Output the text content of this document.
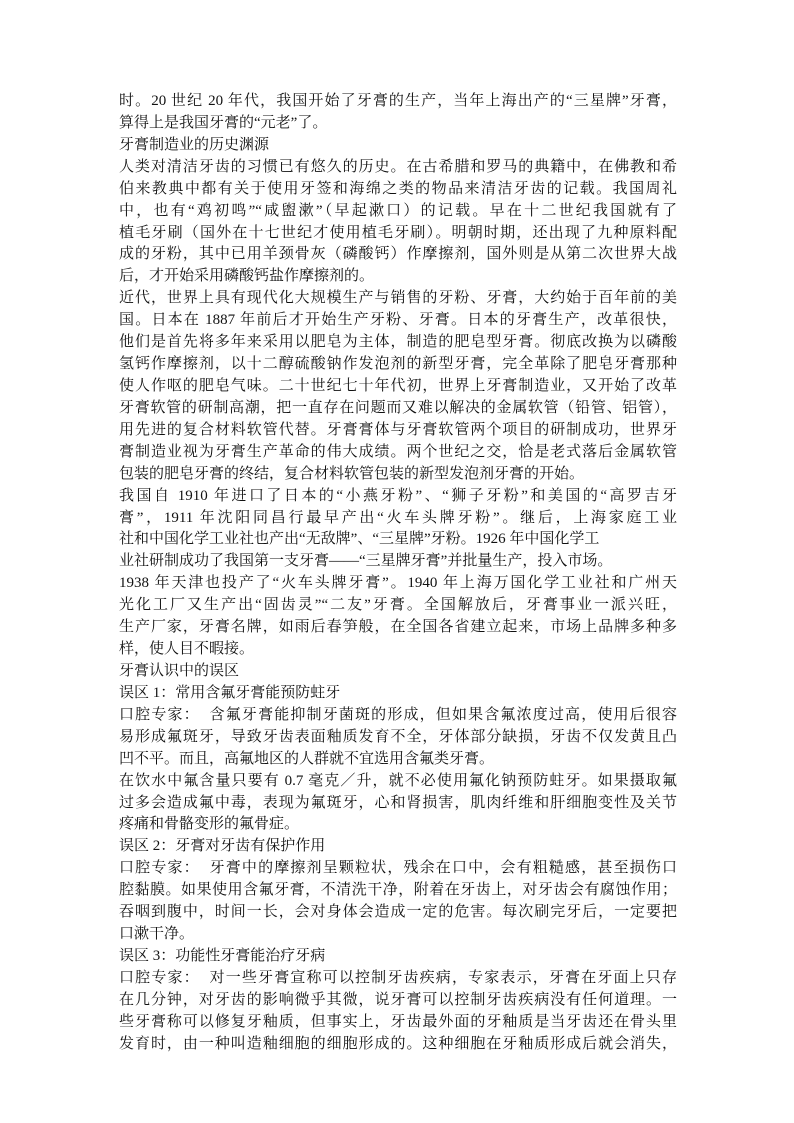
时。20 世纪 20 年代，我国开始了牙膏的生产，当年上海出产的“三星牌”牙膏，
算得上是我国牙膏的“元老”了。
牙膏制造业的历史渊源
人类对清洁牙齿的习惯已有悠久的历史。在古希腊和罗马的典籍中，在佛教和希
伯来教典中都有关于使用牙签和海绵之类的物品来清洁牙齿的记载。我国周礼
中，也有“鸡初鸣”“咸盥漱”（早起漱口）的记载。早在十二世纪我国就有了
植毛牙刷（国外在十七世纪才使用植毛牙刷）。明朝时期，还出现了九种原料配
成的牙粉，其中已用羊颈骨灰（磷酸钙）作摩擦剂，国外则是从第二次世界大战
后，才开始采用磷酸钙盐作摩擦剂的。
近代，世界上具有现代化大规模生产与销售的牙粉、牙膏，大约始于百年前的美
国。日本在 1887 年前后才开始生产牙粉、牙膏。日本的牙膏生产，改革很快，
他们是首先将多年来采用以肥皂为主体，制造的肥皂型牙膏。彻底改换为以磷酸
氢钙作摩擦剂，以十二醇硫酸钠作发泡剂的新型牙膏，完全革除了肥皂牙膏那种
使人作呕的肥皂气味。二十世纪七十年代初，世界上牙膏制造业，又开始了改革
牙膏软管的研制高潮，把一直存在问题而又难以解决的金属软管（铅管、铝管），
用先进的复合材料软管代替。牙膏膏体与牙膏软管两个项目的研制成功，世界牙
膏制造业视为牙膏生产革命的伟大成绩。两个世纪之交，恰是老式落后金属软管
包装的肥皂牙膏的终结，复合材料软管包装的新型发泡剂牙膏的开始。
我国自 1910 年进口了日本的“小燕牙粉”、“狮子牙粉”和美国的“高罗吉牙
膏”，1911 年沈阳同昌行最早产出“火车头牌牙粉”。继后，上海家庭工业
社和中国化学工业社也产出“无敌牌”、“三星牌”牙粉。1926 年中国化学工
业社研制成功了我国第一支牙膏——“三星牌牙膏”并批量生产，投入市场。
1938 年天津也投产了“火车头牌牙膏”。1940 年上海万国化学工业社和广州天
光化工厂又生产出“固齿灵”“二友”牙膏。全国解放后，牙膏事业一派兴旺，
生产厂家，牙膏名牌，如雨后春笋般，在全国各省建立起来，市场上品牌多种多
样，使人目不暇接。
牙膏认识中的误区
误区 1：常用含氟牙膏能预防蛀牙
口腔专家：  含氟牙膏能抑制牙菌斑的形成，但如果含氟浓度过高，使用后很容
易形成氟斑牙，导致牙齿表面釉质发育不全，牙体部分缺损，牙齿不仅发黄且凸
凹不平。而且，高氟地区的人群就不宜选用含氟类牙膏。
在饮水中氟含量只要有 0.7 毫克／升，就不必使用氟化钠预防蛀牙。如果摄取氟
过多会造成氟中毒，表现为氟斑牙，心和肾损害，肌肉纤维和肝细胞变性及关节
疼痛和骨骼变形的氟骨症。
误区 2：牙膏对牙齿有保护作用
口腔专家：  牙膏中的摩擦剂呈颗粒状，残余在口中，会有粗糙感，甚至损伤口
腔黏膜。如果使用含氟牙膏，不清洗干净，附着在牙齿上，对牙齿会有腐蚀作用；
吞咽到腹中，时间一长，会对身体会造成一定的危害。每次刷完牙后，一定要把
口漱干净。
误区 3：功能性牙膏能治疗牙病
口腔专家：  对一些牙膏宣称可以控制牙齿疾病，专家表示，牙膏在牙面上只存
在几分钟，对牙齿的影响微乎其微，说牙膏可以控制牙齿疾病没有任何道理。一
些牙膏称可以修复牙釉质，但事实上，牙齿最外面的牙釉质是当牙齿还在骨头里
发育时，由一种叫造釉细胞的细胞形成的。这种细胞在牙釉质形成后就会消失，
